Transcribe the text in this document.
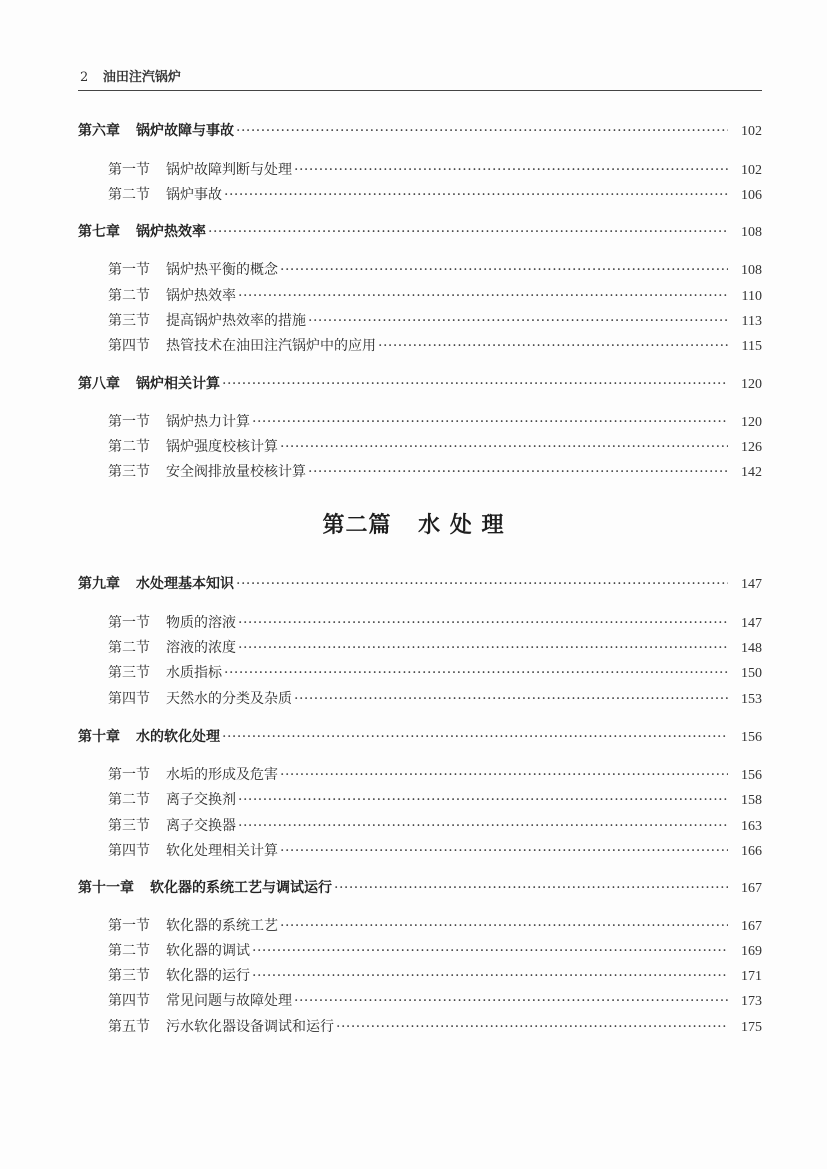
2 油田注汽锅炉
第六章 锅炉故障与事故 ·····	102
第一节 锅炉故障判断与处理 ·····	102
第二节 锅炉事故 ·····	106
第七章 锅炉热效率 ·····	108
第一节 锅炉热平衡的概念 ·····	108
第二节 锅炉热效率 ·····	110
第三节 提高锅炉热效率的措施 ·····	113
第四节 热管技术在油田注汽锅炉中的应用 ·····	115
第八章 锅炉相关计算 ·····	120
第一节 锅炉热力计算 ·····	120
第二节 锅炉强度校核计算 ·····	126
第三节 安全阀排放量校核计算 ·····	142
第二篇 水 处 理
第九章 水处理基本知识 ·····	147
第一节 物质的溶液 ·····	147
第二节 溶液的浓度 ·····	148
第三节 水质指标 ·····	150
第四节 天然水的分类及杂质 ·····	153
第十章 水的软化处理 ·····	156
第一节 水垢的形成及危害 ·····	156
第二节 离子交换剂 ·····	158
第三节 离子交换器 ·····	163
第四节 软化处理相关计算 ·····	166
第十一章 软化器的系统工艺与调试运行 ·····	167
第一节 软化器的系统工艺 ·····	167
第二节 软化器的调试 ·····	169
第三节 软化器的运行 ·····	171
第四节 常见问题与故障处理 ·····	173
第五节 污水软化器设备调试和运行 ·····	175
